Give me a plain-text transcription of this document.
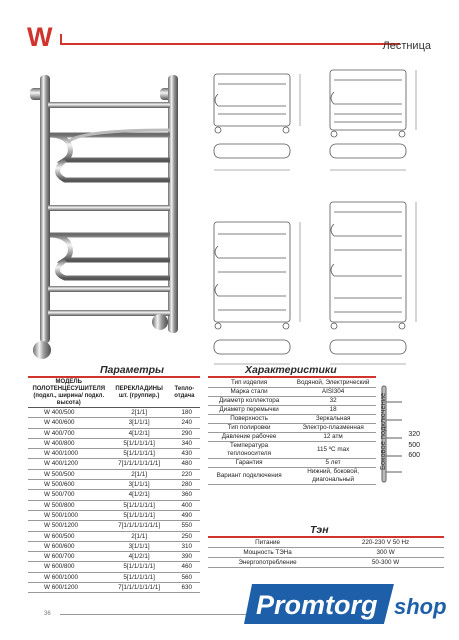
W	Лестница
Параметры
МОДЕЛЬ ПОЛОТЕНЦЕСУШИТЕЛЯ (подкл., ширина/ подкл. высота)	ПЕРЕКЛАДИНЫ шт. (группир.)	Тепло-отдача
W 400/500	2[1/1]	180
W 400/600	3[1/1/1]	240
W 400/700	4[1/2/1]	290
W 400/800	5[1/1/1/1/1]	340
W 400/1000	5[1/1/1/1/1]	430
W 400/1200	7[1/1/1/1/1/1/1]	480
W 500/500	2[1/1]	220
W 500/600	3[1/1/1]	280
W 500/700	4[1/2/1]	360
W 500/800	5[1/1/1/1/1]	400
W 500/1000	5[1/1/1/1/1]	490
W 500/1200	7[1/1/1/1/1/1/1]	550
W 600/500	2[1/1]	250
W 600/600	3[1/1/1]	310
W 600/700	4[1/2/1]	390
W 600/800	5[1/1/1/1/1]	460
W 600/1000	5[1/1/1/1/1]	560
W 600/1200	7[1/1/1/1/1/1/1]	630
Характеристики
Тип изделия	Водяной, Электрический
Марка стали	AISI304
Диаметр коллектора	32
Диаметр перемычки	18
Поверхность	Зеркальная
Тип полировки	Электро-плазменная
Давление рабочее	12 атм
Температура теплоносителя	115 ºС max
Гарантия	5 лет
Вариант подключения	Нижний, боковой, диагональный
320
500
600
Боковое подключение
Тэн
Питание	220-230 V 50 Hz
Мощность ТЭНа	300 W
Энергопотребление	50-300 W
36	Promtorg shop
